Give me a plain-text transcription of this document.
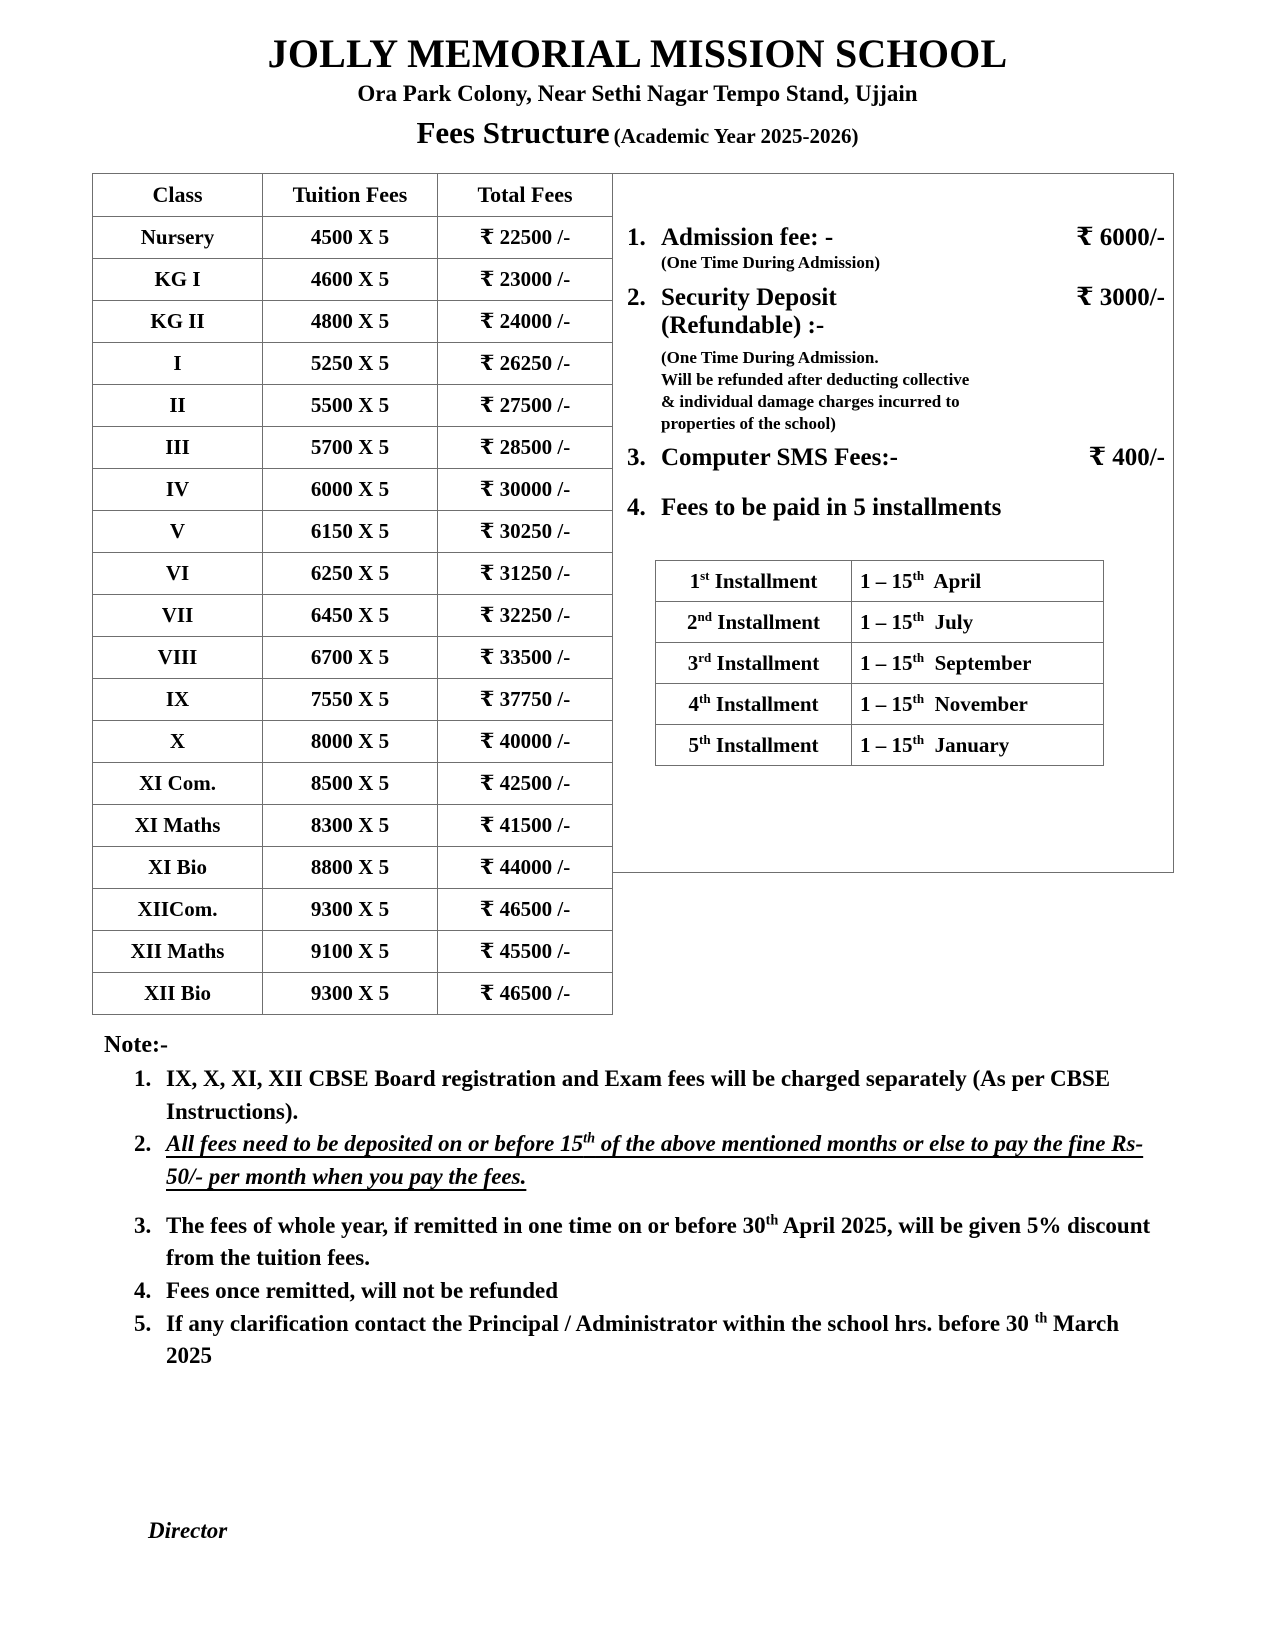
JOLLY MEMORIAL MISSION SCHOOL
Ora Park Colony, Near Sethi Nagar Tempo Stand, Ujjain
Fees Structure (Academic Year 2025-2026)
Class	Tuition Fees	Total Fees
Nursery	4500 X 5	₹ 22500 /-
KG I	4600 X 5	₹ 23000 /-
KG II	4800 X 5	₹ 24000 /-
I	5250 X 5	₹ 26250 /-
II	5500 X 5	₹ 27500 /-
III	5700 X 5	₹ 28500 /-
IV	6000 X 5	₹ 30000 /-
V	6150 X 5	₹ 30250 /-
VI	6250 X 5	₹ 31250 /-
VII	6450 X 5	₹ 32250 /-
VIII	6700 X 5	₹ 33500 /-
IX	7550 X 5	₹ 37750 /-
X	8000 X 5	₹ 40000 /-
XI Com.	8500 X 5	₹ 42500 /-
XI Maths	8300 X 5	₹ 41500 /-
XI Bio	8800 X 5	₹ 44000 /-
XIICom.	9300 X 5	₹ 46500 /-
XII Maths	9100 X 5	₹ 45500 /-
XII Bio	9300 X 5	₹ 46500 /-
1. Admission fee: -	₹ 6000/-
(One Time During Admission)
2. Security Deposit	₹ 3000/-
(Refundable) :-
(One Time During Admission.
Will be refunded after deducting collective
& individual damage charges incurred to
properties of the school)
3. Computer SMS Fees:-	₹ 400/-
4. Fees to be paid in 5 installments
1st Installment	1 – 15th April
2nd Installment	1 – 15th July
3rd Installment	1 – 15th September
4th Installment	1 – 15th November
5th Installment	1 – 15th January
Note:-
1. IX, X, XI, XII CBSE Board registration and Exam fees will be charged separately (As per CBSE Instructions).
2. All fees need to be deposited on or before 15th of the above mentioned months or else to pay the fine Rs- 50/- per month when you pay the fees.
3. The fees of whole year, if remitted in one time on or before 30th April 2025, will be given 5% discount from the tuition fees.
4. Fees once remitted, will not be refunded
5. If any clarification contact the Principal / Administrator within the school hrs. before 30 $^{th}$ March 2025
Director
